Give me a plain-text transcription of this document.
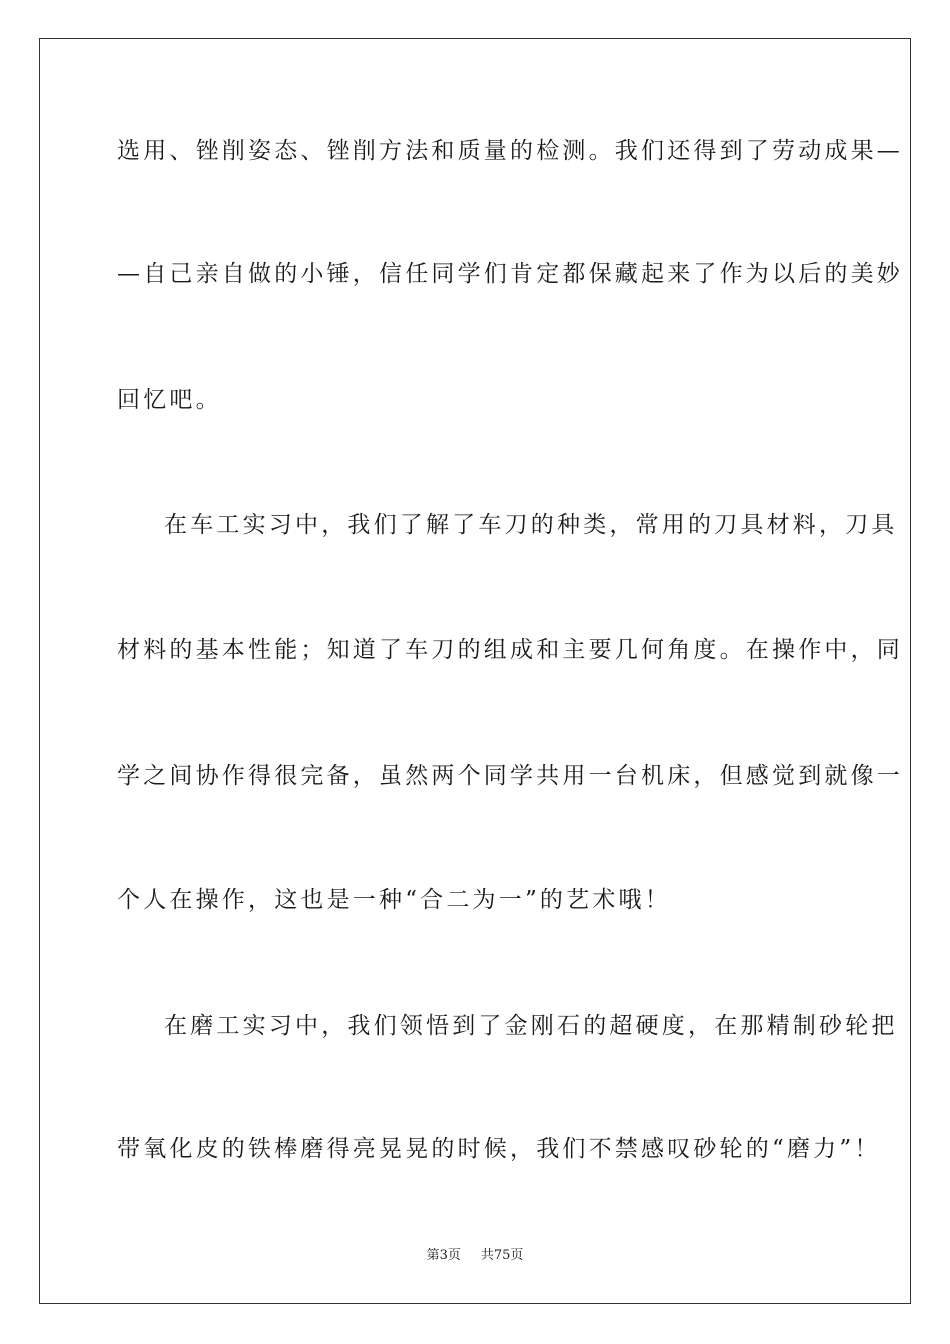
选用、锉削姿态、锉削方法和质量的检测。我们还得到了劳动成果—
—自己亲自做的小锤，信任同学们肯定都保藏起来了作为以后的美妙
回忆吧。
在车工实习中，我们了解了车刀的种类，常用的刀具材料，刀具
材料的基本性能；知道了车刀的组成和主要几何角度。在操作中，同
学之间协作得很完备，虽然两个同学共用一台机床，但感觉到就像一
个人在操作，这也是一种“合二为一”的艺术哦！
在磨工实习中，我们领悟到了金刚石的超硬度，在那精制砂轮把
带氧化皮的铁棒磨得亮晃晃的时候，我们不禁感叹砂轮的“磨力”！
第3页 共75页
